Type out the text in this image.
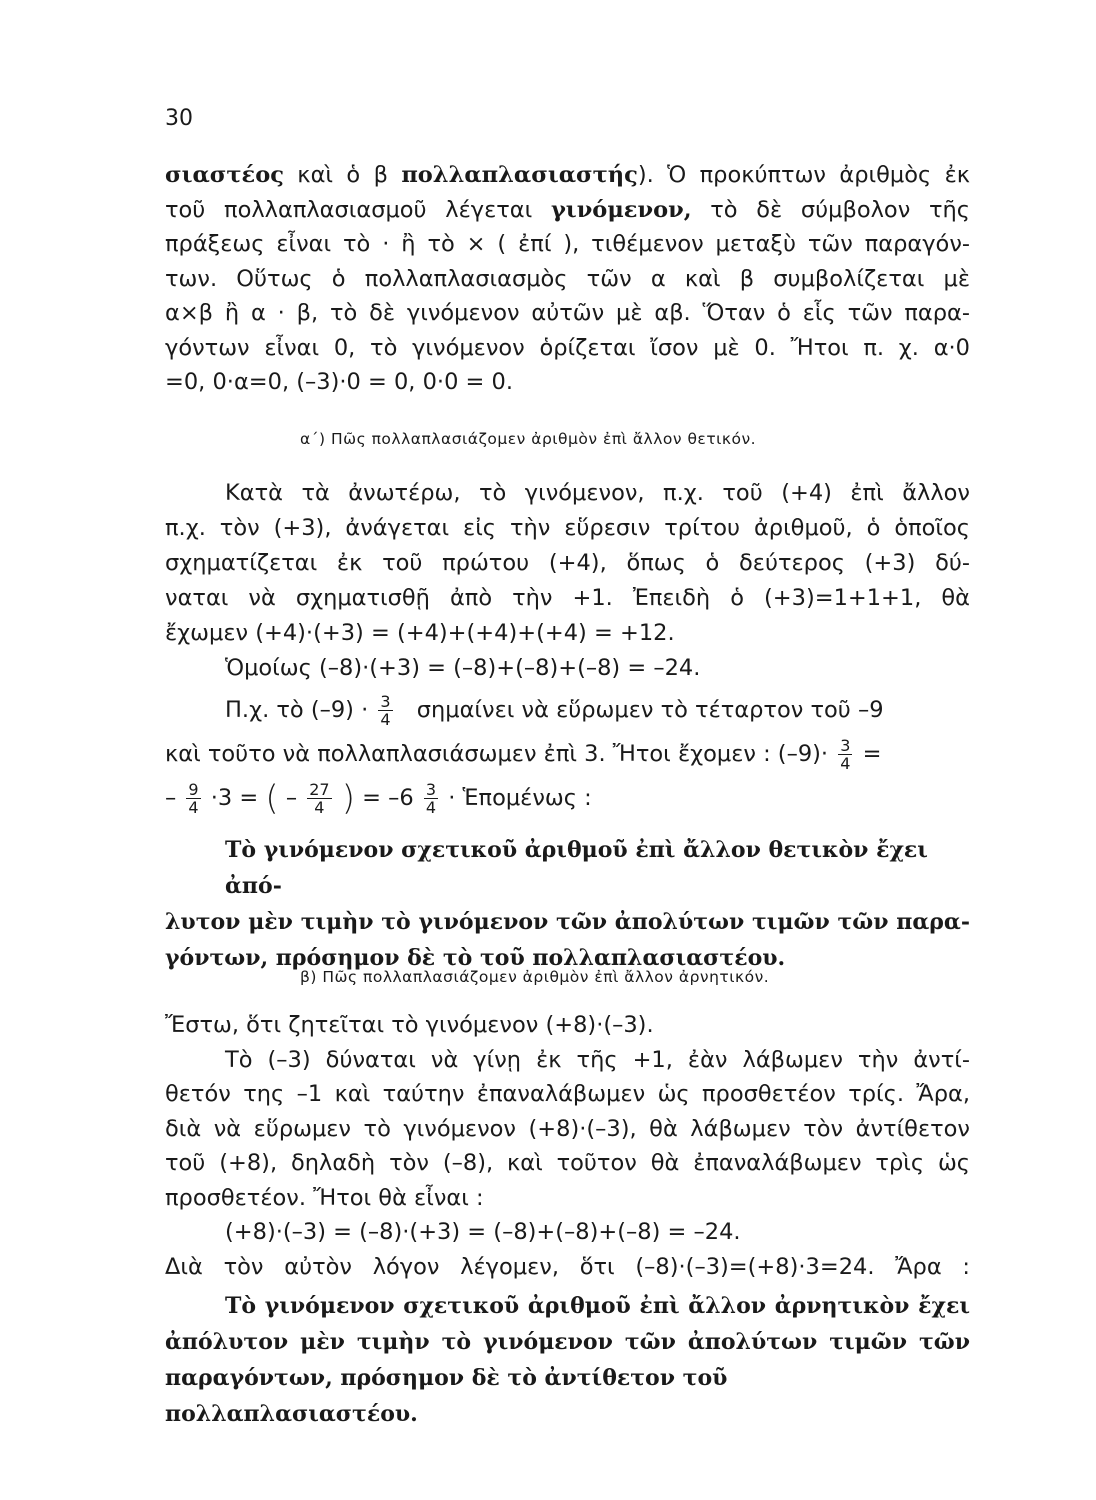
30
σιαστέος καὶ ὁ β πολλαπλασιαστής). Ὁ προκύπτων ἀριθμὸς ἐκ
τοῦ πολλαπλασιασμοῦ λέγεται γινόμενον, τὸ δὲ σύμβολον τῆς
πράξεως εἶναι τὸ · ἢ τὸ × ( ἐπί ), τιθέμενον μεταξὺ τῶν παραγόν-
των. Οὕτως ὁ πολλαπλασιασμὸς τῶν α καὶ β συμβολίζεται μὲ
α×β ἢ α · β, τὸ δὲ γινόμενον αὐτῶν μὲ αβ. Ὅταν ὁ εἷς τῶν παρα-
γόντων εἶναι 0, τὸ γινόμενον ὁρίζεται ἴσον μὲ 0. Ἤτοι π. χ. α·0
=0, 0·α=0, (–3)·0 = 0, 0·0 = 0.
α΄) Πῶς πολλαπλασιάζομεν ἀριθμὸν ἐπὶ ἄλλον θετικόν.
Κατὰ τὰ ἀνωτέρω, τὸ γινόμενον, π.χ. τοῦ (+4) ἐπὶ ἄλλον
π.χ. τὸν (+3), ἀνάγεται εἰς τὴν εὕρεσιν τρίτου ἀριθμοῦ, ὁ ὁποῖος
σχηματίζεται ἐκ τοῦ πρώτου (+4), ὅπως ὁ δεύτερος (+3) δύ-
ναται νὰ σχηματισθῇ ἀπὸ τὴν +1. Ἐπειδὴ ὁ (+3)=1+1+1, θὰ
ἔχωμεν (+4)·(+3) = (+4)+(+4)+(+4) = +12.
Ὁμοίως (–8)·(+3) = (–8)+(–8)+(–8) = –24.
Π.χ. τὸ $(-9) \cdot \frac{3}{4}$ σημαίνει νὰ εὕρωμεν τὸ τέταρτον τοῦ –9
καὶ τοῦτο νὰ πολλαπλασιάσωμεν ἐπὶ 3. Ἤτοι ἔχομεν : $(-9)\cdot \frac{3}{4}$ =
– $\frac{9}{4} \cdot 3$ = ( – $\frac{27}{4}$ ) = $-6 \frac{3}{4}$ · Ἑπομένως :
Τὸ γινόμενον σχετικοῦ ἀριθμοῦ ἐπὶ ἄλλον θετικὸν ἔχει ἀπό-
λυτον μὲν τιμὴν τὸ γινόμενον τῶν ἀπολύτων τιμῶν τῶν παρα-
γόντων, πρόσημον δὲ τὸ τοῦ πολλαπλασιαστέου.
β) Πῶς πολλαπλασιάζομεν ἀριθμὸν ἐπὶ ἄλλον ἀρνητικόν.
Ἔστω, ὅτι ζητεῖται τὸ γινόμενον (+8)·(–3).
Τὸ (–3) δύναται νὰ γίνῃ ἐκ τῆς +1, ἐὰν λάβωμεν τὴν ἀντί-
θετόν της –1 καὶ ταύτην ἐπαναλάβωμεν ὡς προσθετέον τρίς. Ἄρα,
διὰ νὰ εὕρωμεν τὸ γινόμενον (+8)·(–3), θὰ λάβωμεν τὸν ἀντίθετον
τοῦ (+8), δηλαδὴ τὸν (–8), καὶ τοῦτον θὰ ἐπαναλάβωμεν τρὶς ὡς
προσθετέον. Ἤτοι θὰ εἶναι :
(+8)·(–3) = (–8)·(+3) = (–8)+(–8)+(–8) = –24.
Διὰ τὸν αὐτὸν λόγον λέγομεν, ὅτι (–8)·(–3)=(+8)·3=24. Ἄρα :
Τὸ γινόμενον σχετικοῦ ἀριθμοῦ ἐπὶ ἄλλον ἀρνητικὸν ἔχει
ἀπόλυτον μὲν τιμὴν τὸ γινόμενον τῶν ἀπολύτων τιμῶν τῶν
παραγόντων, πρόσημον δὲ τὸ ἀντίθετον τοῦ πολλαπλασιαστέου.
